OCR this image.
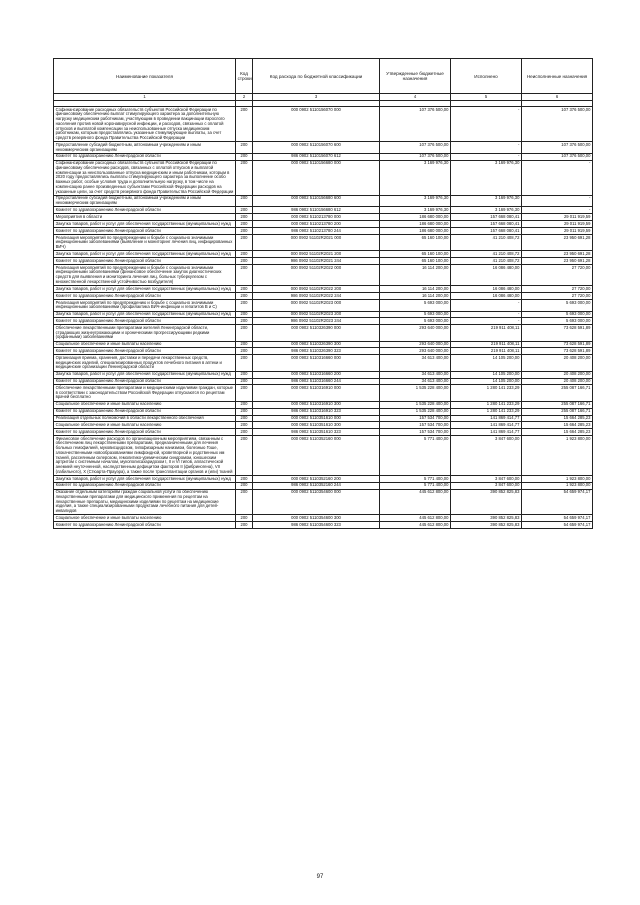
Наименование показателя	Код строки	Код расхода по бюджетной классификации	Утвержденные бюджетные назначения	Исполнено	Неисполненные назначения
1	2	3	4	5	6

Софинансирование расходных обязательств субъектов Российской Федерации по финансовому обеспечению выплат стимулирующего характера за дополнительную нагрузку медицинским работникам, участвующим в проведении вакцинации взрослого населения против новой коронавирусной инфекции, и расходов, связанных с оплатой отпусков и выплатой компенсации за неиспользованные отпуска медицинским работникам, которым предоставлялись указанные стимулирующие выплаты, за счет средств резервного фонда Правительства Российской Федерации	200	000 0902 5110156070 000	107 376 500,00	-	107 376 500,00
Предоставление субсидий бюджетным, автономным учреждениям и иным некоммерческим организациям	200	000 0902 5110156070 600	107 376 500,00	-	107 376 500,00
Комитет по здравоохранению Ленинградской области	200	986 0902 5110156070 612	107 376 500,00	-	107 376 500,00
Софинансирование расходных обязательств субъектов Российской Федерации по финансовому обеспечению расходов, связанных с оплатой отпусков и выплатой компенсации за неиспользованные отпуска медицинским и иным работникам, которым в 2020 году предоставлялись выплаты стимулирующего характера за выполнение особо важных работ, особые условия труда и дополнительную нагрузку, в том числе на компенсацию ранее произведенных субъектами Российской Федерации расходов на указанные цели, за счет средств резервного фонда Правительства Российской Федерации	200	000 0902 5110156680 000	3 169 976,30	3 169 976,30	-
Предоставление субсидий бюджетным, автономным учреждениям и иным некоммерческим организациям	200	000 0902 5110156680 600	3 169 976,30	3 169 976,30	-
Комитет по здравоохранению Ленинградской области	200	986 0902 5110156680 612	3 169 976,30	3 169 976,30	-
Мероприятия в области	200	000 0902 5110213780 000	186 680 000,00	157 668 080,41	29 011 919,59
Закупка товаров, работ и услуг для обеспечения государственных (муниципальных) нужд	200	000 0902 5110213780 200	186 680 000,00	157 668 080,41	29 011 919,59
Комитет по здравоохранению Ленинградской области	200	986 0902 5110213780 244	186 680 000,00	157 668 080,41	29 011 919,59
Реализация мероприятий по предупреждению и борьбе с социально значимыми инфекционными заболеваниями (выявление и мониторинг лечения лиц, инфицированных ВИЧ)	200	000 0902 51102R2021 000	65 160 100,00	41 210 408,72	23 950 691,28
Закупка товаров, работ и услуг для обеспечения государственных (муниципальных) нужд	200	000 0902 51102R2021 200	65 160 100,00	41 210 408,72	23 950 691,28
Комитет по здравоохранению Ленинградской области	200	986 0902 51102R2021 244	65 160 100,00	41 210 408,72	23 950 691,28
Реализация мероприятий по предупреждению и борьбе с социально значимыми инфекционными заболеваниями (финансовое обеспечение закупок диагностических средств для выявления и мониторинга лечения лиц, больных туберкулезом с множественной лекарственной устойчивостью возбудителя)	200	000 0902 51102R2022 000	16 114 200,00	16 086 480,00	27 720,00
Закупка товаров, работ и услуг для обеспечения государственных (муниципальных) нужд	200	000 0902 51102R2022 200	16 114 200,00	16 086 480,00	27 720,00
Комитет по здравоохранению Ленинградской области	200	986 0902 51102R2022 244	16 114 200,00	16 086 480,00	27 720,00
Реализация мероприятий по предупреждению и борьбе с социально значимыми инфекционными заболеваниями (профилактика ВИЧ-инфекции и гепатитов В и С)	200	000 0902 51102R2023 000	5 693 000,00	-	5 693 000,00
Закупка товаров, работ и услуг для обеспечения государственных (муниципальных) нужд	200	000 0902 51102R2023 200	5 693 000,00	-	5 693 000,00
Комитет по здравоохранению Ленинградской области	200	986 0902 51102R2023 244	5 693 000,00	-	5 693 000,00
Обеспечение лекарственными препаратами жителей Ленинградской области, страдающих жизнеугрожающими и хроническими прогрессирующими редкими (орфанными) заболеваниями	200	000 0902 5110326390 000	293 640 000,00	219 911 408,11	73 628 591,89
Социальное обеспечение и иные выплаты населению	200	000 0902 5110326390 300	293 640 000,00	219 911 408,11	73 628 591,89
Комитет по здравоохранению Ленинградской области	200	986 0902 5110326390 323	293 640 000,00	219 911 408,11	73 628 591,89
Организация приема, хранения, доставки и передачи лекарственных средств, медицинских изделий, специализированных продуктов лечебного питания в аптеки и медицинские организации Ленинградской области	200	000 0902 5110316660 000	34 613 400,00	14 105 200,00	20 408 200,00
Закупка товаров, работ и услуг для обеспечения государственных (муниципальных) нужд	200	000 0902 5110316660 200	34 613 400,00	14 105 200,00	20 408 200,00
Комитет по здравоохранению Ленинградской области	200	986 0902 5110316660 244	34 613 400,00	14 105 200,00	20 408 200,00
Обеспечение лекарственными препаратами и медицинскими изделиями граждан, которые в соответствии с законодательством Российской Федерации отпускаются по рецептам врачей бесплатно	200	000 0902 5110316910 000	1 535 228 400,00	1 280 141 233,29	255 087 166,71
Социальное обеспечение и иные выплаты населению	200	000 0902 5110316910 300	1 535 228 400,00	1 280 141 233,29	255 087 166,71
Комитет по здравоохранению Ленинградской области	200	986 0902 5110316910 323	1 535 228 400,00	1 280 141 233,29	255 087 166,71
Реализация отдельных полномочий в области лекарственного обеспечения	200	000 0902 5110351610 000	157 534 700,00	141 869 414,77	15 664 285,23
Социальное обеспечение и иные выплаты населению	200	000 0902 5110351610 300	157 534 700,00	141 869 414,77	15 664 285,23
Комитет по здравоохранению Ленинградской области	200	986 0902 5110351610 323	157 534 700,00	141 869 414,77	15 664 285,23
Финансовое обеспечение расходов по организационным мероприятиям, связанным с обеспечением лиц лекарственными препаратами, предназначенными для лечения больных гемофилией, муковисцидозом, гипофизарным нанизмом, болезнью Гоше, злокачественными новообразованиями лимфоидной, кроветворной и родственных им тканей, рассеянным склерозом, гемолитико-уремическим синдромом, юношеским артритом с системным началом, мукополисахаридозом I, II и VI типов, апластической анемией неуточненной, наследственным дефицитом факторов II (фибриногена), VII (лабильного), X (Стюарта-Прауэра), а также после трансплантации органов и (или) тканей	200	000 0902 5110352160 000	5 771 400,00	3 847 600,00	1 923 800,00
Закупка товаров, работ и услуг для обеспечения государственных (муниципальных) нужд	200	000 0902 5110352160 200	5 771 400,00	3 847 600,00	1 923 800,00
Комитет по здравоохранению Ленинградской области	200	986 0902 5110352160 244	5 771 400,00	3 847 600,00	1 923 800,00
Оказание отдельным категориям граждан социальной услуги по обеспечению лекарственными препаратами для медицинского применения по рецептам на лекарственные препараты, медицинскими изделиями по рецептам на медицинские изделия, а также специализированными продуктами лечебного питания для детей-инвалидов	200	000 0902 5110354600 000	445 612 800,00	390 852 825,83	54 659 974,17
Социальное обеспечение и иные выплаты населению	200	000 0902 5110354600 300	445 612 800,00	390 852 825,83	54 659 974,17
Комитет по здравоохранению Ленинградской области	200	986 0902 5110354600 323	445 612 800,00	390 852 825,83	54 659 974,17
97
